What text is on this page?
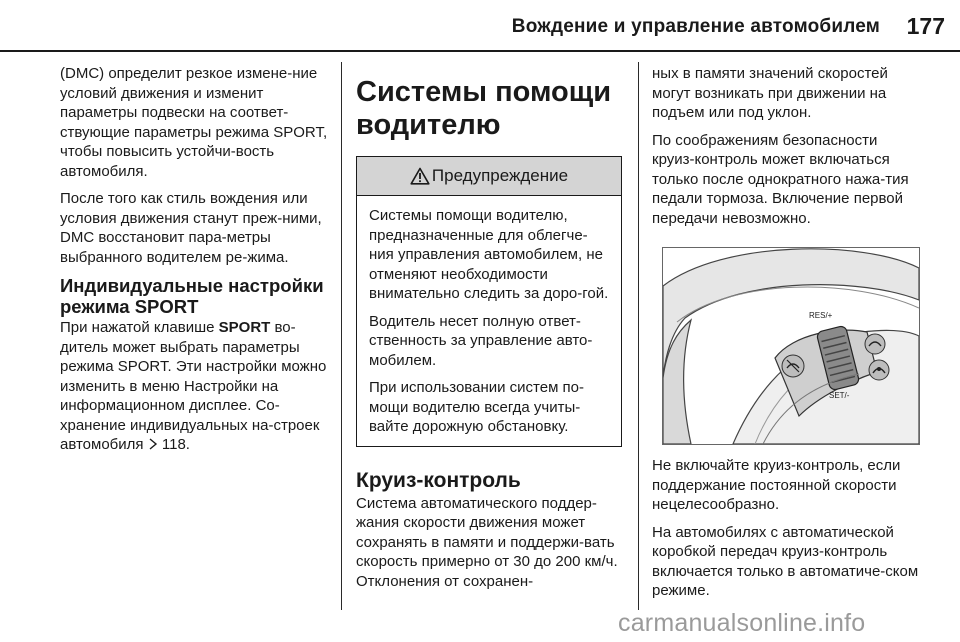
Вождение и управление автомобилем	177

(DMC) определит резкое измене-ние условий движения и изменит параметры подвески на соответ-ствующие параметры режима SPORT, чтобы повысить устойчи-вость автомобиля.

После того как стиль вождения или условия движения станут преж-ними, DMC восстановит пара-метры выбранного водителем ре-жима.

Индивидуальные настройки режима SPORT

При нажатой клавише SPORT во-дитель может выбрать параметры режима SPORT. Эти настройки можно изменить в меню Настройки на информационном дисплее. Со-хранение индивидуальных на-строек автомобиля  118.

Системы помощи водителю
Предупреждение

Системы помощи водителю, предназначенные для облегче-ния управления автомобилем, не отменяют необходимости внимательно следить за доро-гой.

Водитель несет полную ответ-ственность за управление авто-мобилем.

При использовании систем по-мощи водителю всегда учиты-вайте дорожную обстановку.

Круиз-контроль

Система автоматического поддер-жания скорости движения может сохранять в памяти и поддержи-вать скорость примерно от 30 до 200 км/ч. Отклонения от сохранен-

ных в памяти значений скоростей могут возникать при движении на подъем или под уклон.

По соображениям безопасности круиз-контроль может включаться только после однократного нажа-тия педали тормоза. Включение первой передачи невозможно.

RES/+
SET/-

Не включайте круиз-контроль, если поддержание постоянной скорости нецелесообразно.

На автомобилях с автоматической коробкой передач круиз-контроль включается только в автоматиче-ском режиме.

carmanualsonline.info
